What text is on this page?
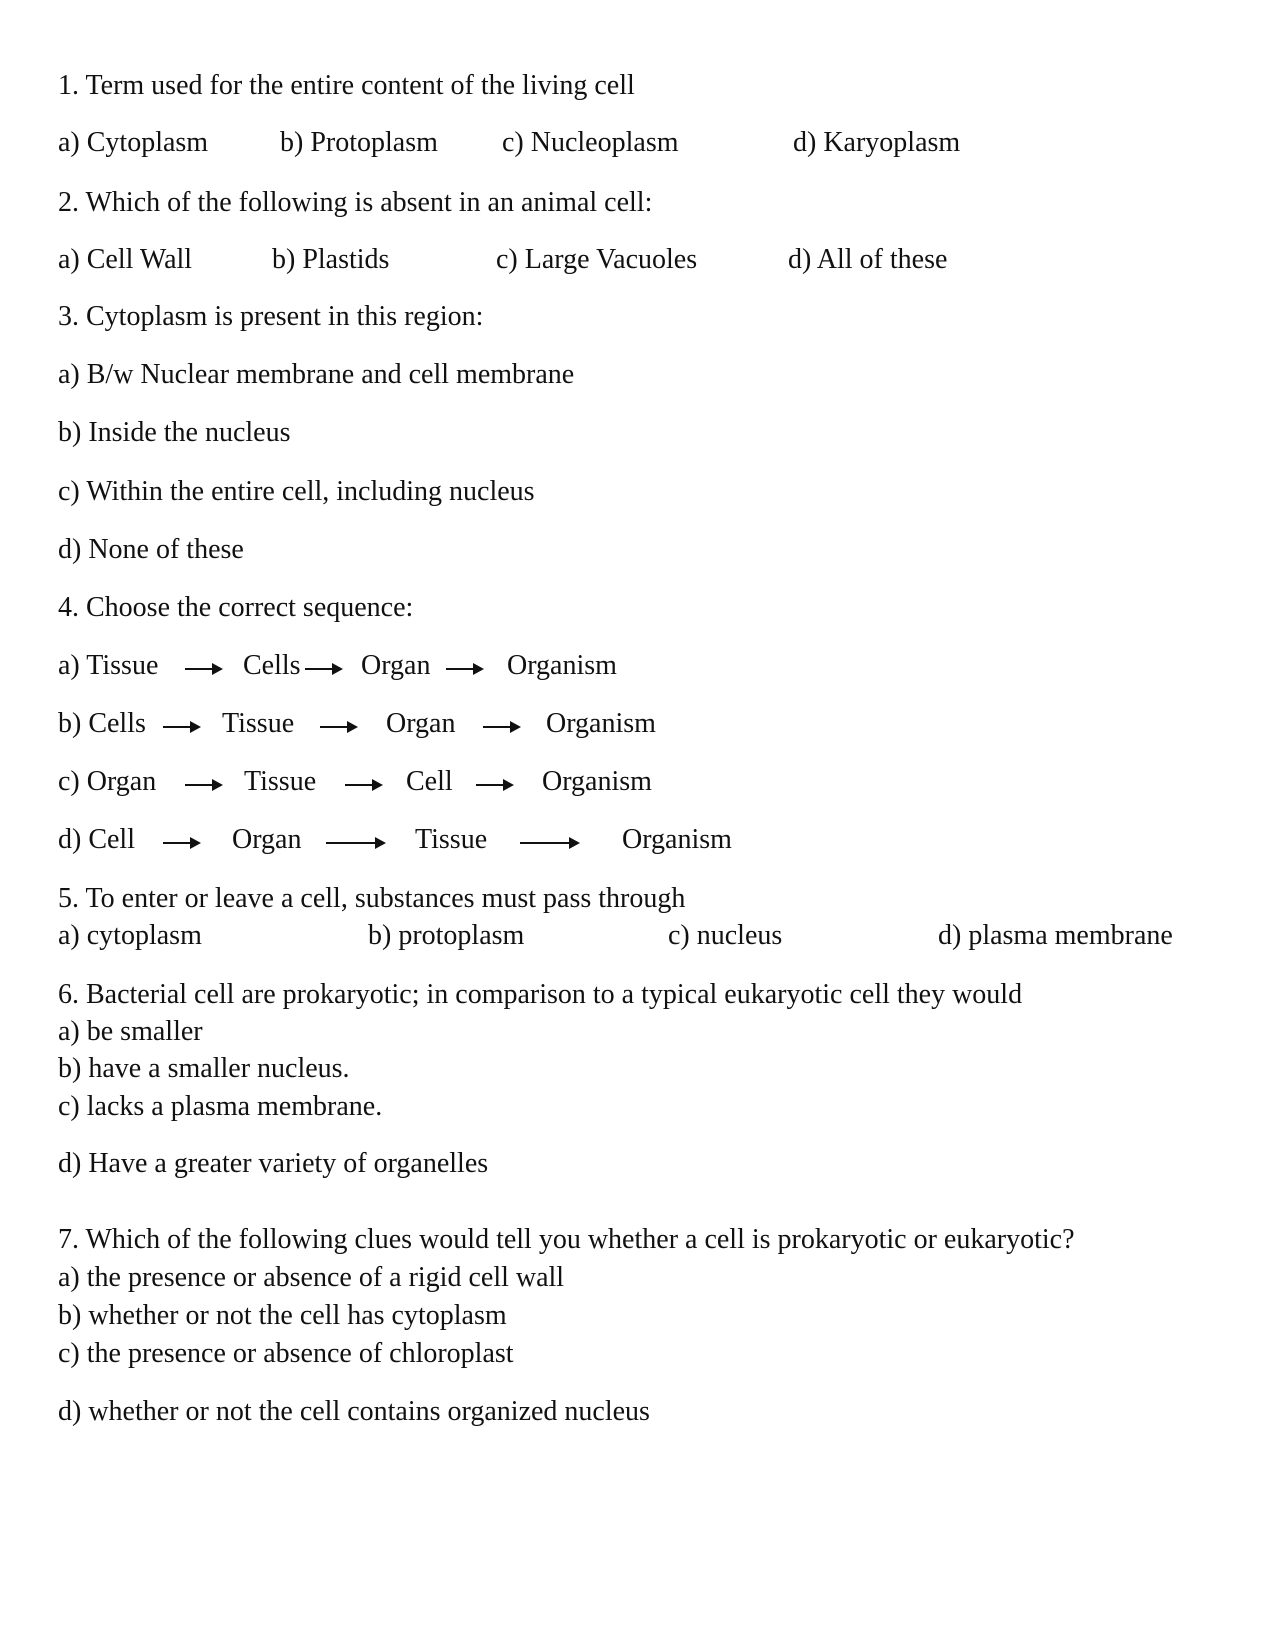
1. Term used for the entire content of the living cell
a) Cytoplasm	b) Protoplasm c) Nucleoplasm	d) Karyoplasm
2. Which of the following is absent in an animal cell:
a) Cell Wall	b) Plastids	c) Large Vacuoles	d) All of these
3. Cytoplasm is present in this region:
a) B/w Nuclear membrane and cell membrane
b) Inside the nucleus
c) Within the entire cell, including nucleus
d) None of these
4. Choose the correct sequence:
a) Tissue	Cells Organ	Organism
b) Cells	Tissue	Organ	Organism
c) Organ	Tissue	Cell	Organism
d) Cell	Organ	Tissue	Organism
5. To enter or leave a cell, substances must pass through
a) cytoplasm	b) protoplasm	c) nucleus	d) plasma membrane
6. Bacterial cell are prokaryotic; in comparison to a typical eukaryotic cell they would
a) be smaller
b) have a smaller nucleus.
c) lacks a plasma membrane.
d) Have a greater variety of organelles
7. Which of the following clues would tell you whether a cell is prokaryotic or eukaryotic?
a) the presence or absence of a rigid cell wall
b) whether or not the cell has cytoplasm
c) the presence or absence of chloroplast
d) whether or not the cell contains organized nucleus
